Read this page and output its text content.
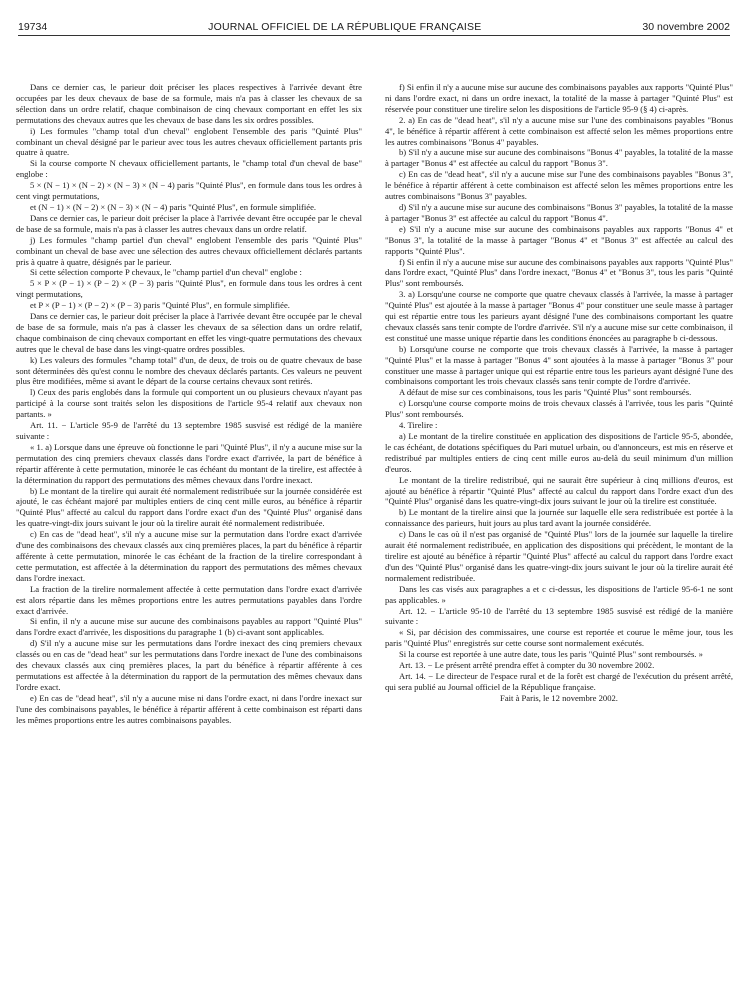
19734	JOURNAL OFFICIEL DE LA RÉPUBLIQUE FRANÇAISE	30 novembre 2002

Dans ce dernier cas, le parieur doit préciser les places respectives à l'arrivée devant être occupées par les deux chevaux de base de sa formule, mais n'a pas à classer les chevaux de sa sélection dans un ordre relatif, chaque combinaison de cinq chevaux comportant en effet les six permutations des chevaux autres que les chevaux de base dans les six ordres possibles.

i) Les formules "champ total d'un cheval" englobent l'ensemble des paris "Quinté Plus" combinant un cheval désigné par le parieur avec tous les autres chevaux officiellement partants pris quatre à quatre.

Si la course comporte N chevaux officiellement partants, le "champ total d'un cheval de base" englobe :

5 × (N − 1) × (N − 2) × (N − 3) × (N − 4) paris "Quinté Plus", en formule dans tous les ordres à cent vingt permutations,

et (N − 1) × (N − 2) × (N − 3) × (N − 4) paris "Quinté Plus", en formule simplifiée.

Dans ce dernier cas, le parieur doit préciser la place à l'arrivée devant être occupée par le cheval de base de sa formule, mais n'a pas à classer les autres chevaux dans un ordre relatif.

j) Les formules "champ partiel d'un cheval" englobent l'ensemble des paris "Quinté Plus" combinant un cheval de base avec une sélection des autres chevaux officiellement déclarés partants pris à quatre à quatre, désignés par le parieur.

Si cette sélection comporte P chevaux, le "champ partiel d'un cheval" englobe :

5 × P × (P − 1) × (P − 2) × (P − 3) paris "Quinté Plus", en formule dans tous les ordres à cent vingt permutations,

et P × (P − 1) × (P − 2) × (P − 3) paris "Quinté Plus", en formule simplifiée.

Dans ce dernier cas, le parieur doit préciser la place à l'arrivée devant être occupée par le cheval de base de sa formule, mais n'a pas à classer les chevaux de sa sélection dans un ordre relatif, chaque combinaison de cinq chevaux comportant en effet les vingt-quatre permutations des chevaux autres que le cheval de base dans les vingt-quatre ordres possibles.

k) Les valeurs des formules "champ total" d'un, de deux, de trois ou de quatre chevaux de base sont déterminées dès qu'est connu le nombre des chevaux déclarés partants. Ces valeurs ne peuvent plus être modifiées, même si avant le départ de la course certains chevaux sont retirés.

l) Ceux des paris englobés dans la formule qui comportent un ou plusieurs chevaux n'ayant pas participé à la course sont traités selon les dispositions de l'article 95-4 relatif aux chevaux non partants. »

Art. 11. − L'article 95-9 de l'arrêté du 13 septembre 1985 susvisé est rédigé de la manière suivante :

« 1. a) Lorsque dans une épreuve où fonctionne le pari "Quinté Plus", il n'y a aucune mise sur la permutation des cinq premiers chevaux classés dans l'ordre exact d'arrivée, la part de bénéfice à répartir afférente à cette permutation, minorée le cas échéant du montant de la tirelire, est affectée à la détermination du rapport des permutations des mêmes chevaux dans l'ordre inexact.

b) Le montant de la tirelire qui aurait été normalement redistribuée sur la journée considérée est ajouté, le cas échéant majoré par multiples entiers de cinq cent mille euros, au bénéfice à répartir "Quinté Plus" affecté au calcul du rapport dans l'ordre exact d'un des "Quinté Plus" organisé dans les quatre-vingt-dix jours suivant le jour où la tirelire aurait été normalement redistribuée.

c) En cas de "dead heat", s'il n'y a aucune mise sur la permutation dans l'ordre exact d'arrivée d'une des combinaisons des chevaux classés aux cinq premières places, la part du bénéfice à répartir afférente à cette permutation, minorée le cas échéant de la fraction de la tirelire correspondant à cette permutation, est affectée à la détermination du rapport des permutations des mêmes chevaux dans l'ordre inexact.

La fraction de la tirelire normalement affectée à cette permutation dans l'ordre exact d'arrivée est alors répartie dans les mêmes proportions entre les autres permutations payables dans l'ordre exact d'arrivée.

Si enfin, il n'y a aucune mise sur aucune des combinaisons payables au rapport "Quinté Plus" dans l'ordre exact d'arrivée, les dispositions du paragraphe 1 (b) ci-avant sont applicables.

d) S'il n'y a aucune mise sur les permutations dans l'ordre inexact des cinq premiers chevaux classés ou en cas de "dead heat" sur les permutations dans l'ordre inexact de l'une des combinaisons des chevaux classés aux cinq premières places, la part du bénéfice à répartir afférente à ces permutations est affectée à la détermination du rapport de la permutation des mêmes chevaux dans l'ordre exact.

e) En cas de "dead heat", s'il n'y a aucune mise ni dans l'ordre exact, ni dans l'ordre inexact sur l'une des combinaisons payables, le bénéfice à répartir afférent à cette combinaison est réparti dans les mêmes proportions entre les autres combinaisons payables.

f) Si enfin il n'y a aucune mise sur aucune des combinaisons payables aux rapports "Quinté Plus" ni dans l'ordre exact, ni dans un ordre inexact, la totalité de la masse à partager "Quinté Plus" est réservée pour constituer une tirelire selon les dispositions de l'article 95-9 (§ 4) ci-après.

2. a) En cas de "dead heat", s'il n'y a aucune mise sur l'une des combinaisons payables "Bonus 4", le bénéfice à répartir afférent à cette combinaison est affecté selon les mêmes proportions entre les autres combinaisons "Bonus 4" payables.

b) S'il n'y a aucune mise sur aucune des combinaisons "Bonus 4" payables, la totalité de la masse à partager "Bonus 4" est affectée au calcul du rapport "Bonus 3".

c) En cas de "dead heat", s'il n'y a aucune mise sur l'une des combinaisons payables "Bonus 3", le bénéfice à répartir afférent à cette combinaison est affecté selon les mêmes proportions entre les autres combinaisons "Bonus 3" payables.

d) S'il n'y a aucune mise sur aucune des combinaisons "Bonus 3" payables, la totalité de la masse à partager "Bonus 3" est affectée au calcul du rapport "Bonus 4".

e) S'il n'y a aucune mise sur aucune des combinaisons payables aux rapports "Bonus 4" et "Bonus 3", la totalité de la masse à partager "Bonus 4" et "Bonus 3" est affectée au calcul des rapports "Quinté Plus".

f) Si enfin il n'y a aucune mise sur aucune des combinaisons payables aux rapports "Quinté Plus" dans l'ordre exact, "Quinté Plus" dans l'ordre inexact, "Bonus 4" et "Bonus 3", tous les paris "Quinté Plus" sont remboursés.

3. a) Lorsqu'une course ne comporte que quatre chevaux classés à l'arrivée, la masse à partager "Quinté Plus" est ajoutée à la masse à partager "Bonus 4" pour constituer une seule masse à partager qui est répartie entre tous les parieurs ayant désigné l'une des combinaisons comportant les quatre chevaux classés sans tenir compte de l'ordre d'arrivée. S'il n'y a aucune mise sur cette combinaison, il est constitué une masse unique répartie dans les conditions énoncées au paragraphe b ci-dessous.

b) Lorsqu'une course ne comporte que trois chevaux classés à l'arrivée, la masse à partager "Quinté Plus" et la masse à partager "Bonus 4" sont ajoutées à la masse à partager "Bonus 3" pour constituer une masse à partager unique qui est répartie entre tous les parieurs ayant désigné l'une des combinaisons comportant les trois chevaux classés sans tenir compte de l'ordre d'arrivée.

A défaut de mise sur ces combinaisons, tous les paris "Quinté Plus" sont remboursés.

c) Lorsqu'une course comporte moins de trois chevaux classés à l'arrivée, tous les paris "Quinté Plus" sont remboursés.

4. Tirelire :

a) Le montant de la tirelire constituée en application des dispositions de l'article 95-5, abondée, le cas échéant, de dotations spécifiques du Pari mutuel urbain, ou d'annonceurs, est mis en réserve et redistribué par multiples entiers de cinq cent mille euros au-delà du seuil minimum d'un million d'euros.

Le montant de la tirelire redistribué, qui ne saurait être supérieur à cinq millions d'euros, est ajouté au bénéfice à répartir "Quinté Plus" affecté au calcul du rapport dans l'ordre exact d'un des "Quinté Plus" organisé dans les quatre-vingt-dix jours suivant le jour où la tirelire est constituée.

b) Le montant de la tirelire ainsi que la journée sur laquelle elle sera redistribuée est portée à la connaissance des parieurs, huit jours au plus tard avant la journée considérée.

c) Dans le cas où il n'est pas organisé de "Quinté Plus" lors de la journée sur laquelle la tirelire aurait été normalement redistribuée, en application des dispositions qui précèdent, le montant de la tirelire est ajouté au bénéfice à répartir "Quinté Plus" affecté au calcul du rapport dans l'ordre exact d'un des "Quinté Plus" organisé dans les quatre-vingt-dix jours suivant le jour où la tirelire aurait été normalement redistribuée.

Dans les cas visés aux paragraphes a et c ci-dessus, les dispositions de l'article 95-6-1 ne sont pas applicables. »

Art. 12. − L'article 95-10 de l'arrêté du 13 septembre 1985 susvisé est rédigé de la manière suivante :

« Si, par décision des commissaires, une course est reportée et courue le même jour, tous les paris "Quinté Plus" enregistrés sur cette course sont normalement exécutés.

Si la course est reportée à une autre date, tous les paris "Quinté Plus" sont remboursés. »

Art. 13. − Le présent arrêté prendra effet à compter du 30 novembre 2002.

Art. 14. − Le directeur de l'espace rural et de la forêt est chargé de l'exécution du présent arrêté, qui sera publié au Journal officiel de la République française.

Fait à Paris, le 12 novembre 2002.
